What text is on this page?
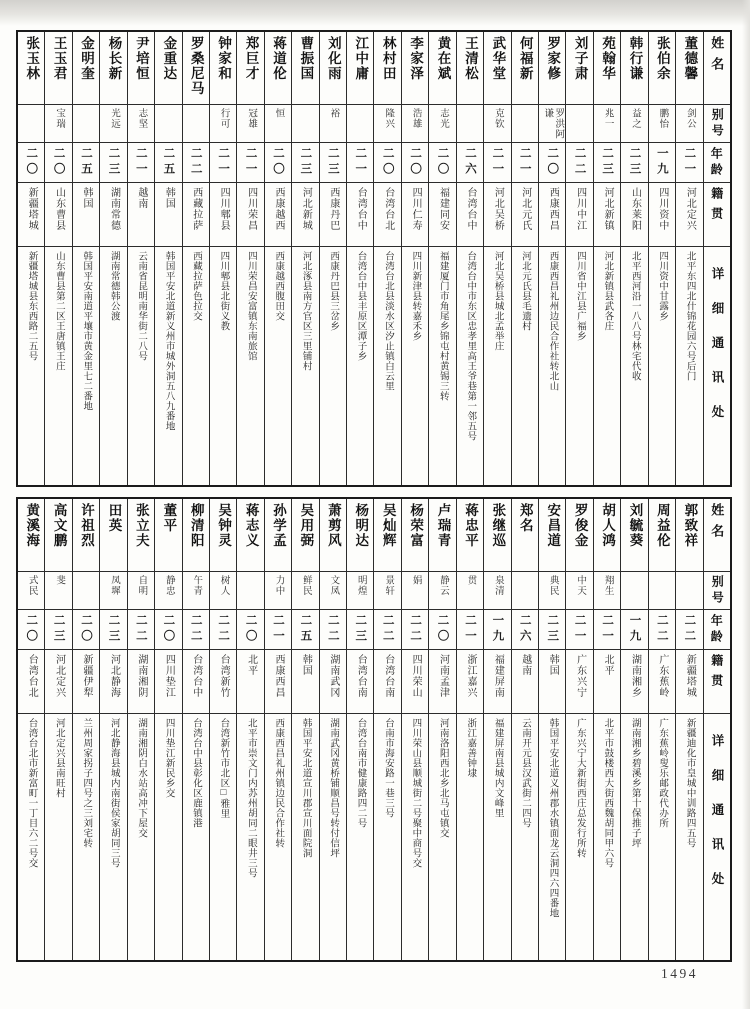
张玉林
二〇
新疆塔城
新疆塔城县东西路二五号
王玉君
宝瑞
二〇
山东曹县
山东曹县第二区王唐镇王庄
金明奎
二五
韩国
韩国平安南道平壤市黄金里七二番地
杨长新
光远
二三
湖南常德
湖南常德韩公渡
尹培恒
志坚
二一
越南
云南省昆明南华街二八号
金重达
二五
韩国
韩国平安北道新义州市城外洞五八九番地
罗桑尼马
二二
西藏拉萨
西藏拉萨色拉交
钟家和
行可
二一
四川郫县
四川郫县北街义教
郑巨才
冠雄
二一
四川荣昌
四川荣昌安富镇东南旅馆
蒋道伦
恒
二〇
西康越西
西康越西腹田交
曹振国
二三
河北新城
河北涿县南方官区三里铺村
刘化雨
裕
二三
西康丹巴
西康丹巴县三岔乡
江中庸
二一
台湾台中
台湾台中县丰原区潭子乡
林村田
隆兴
二〇
台湾台北
台湾台北县淡水区汐止镇白云里
李家泽
浩雄
二〇
四川仁寿
四川新津县转嘉禾乡
黄在斌
志光
二〇
福建同安
福建厦门市角尾乡锦屯村黄锡三转
王清松
二六
台湾台中
台湾台中市东区忠孝里高王爷巷第一邻五号
武华堂
克钦
二一
河北吴桥
河北吴桥县城北孟举庄
何福新
二一
河北元氏
河北元氏县毛遗村
罗家修
罗洪阿谦
二〇
西康西昌
西康西昌礼州边民合作社转北山
刘子肃
二二
四川中江
四川省中江县广福乡
苑翰华
兆一
二三
河北新镇
河北新镇县武各庄
韩行谦
益之
二三
山东莱阳
北平西河沿一八八号林宅代收
张伯余
鹏怡
一九
四川资中
四川资中甘露乡
董德馨
剑公
二一
河北定兴
北平东四北什锦花园六号后门
姓名
别号
年龄
籍贯
详细通讯处
黄溪海
式民
二〇
台湾台北
台湾台北市新富町一丁目六二号交
高文鹏
斐
二三
河北定兴
河北定兴县南旺村
许祖烈
二〇
新疆伊犁
兰州周家拐子四号之三刘宅转
田英
凤墀
二三
河北静海
河北静海县城内南街侯家胡同三号
张立夫
自明
二二
湖南湘阴
湖南湘阴白水站高冲下屋交
董平
静忠
二〇
四川垫江
四川垫江新民乡交
柳清阳
午青
二二
台湾台中
台湾台中县彰化区鹿镇港
吴钟灵
树人
二二
台湾新竹
台湾新竹市北区□雅里
蒋志义
二〇
北平
北平市崇文门内苏州胡同二眼井三号
孙学孟
力中
二一
西康西昌
西康西昌礼州镇边民合作社转
吴用弼
鲜民
二五
韩国
韩国平安北道宣川郡宣川面院洞
萧剪风
文凤
二二
湖南武冈
湖南武冈黄桥铺顺昌号转付信坪
杨明达
明煌
二三
台湾台南
台湾台南市健康路四二号
吴灿辉
景轩
二二
台湾台南
台南市海安路一巷三号
杨荣富
娟
二二
四川荣山
四川荣山县顺城街二号聚中商号交
卢瑞青
静云
二〇
河南孟津
河南洛阳西北乡北马屯镇交
蒋忠平
贯
二一
浙江嘉兴
浙江嘉善钟埭
张继巡
泉清
一九
福建屏南
福建屏南县城内文峰里
郑名
二六
越南
云南开元县汉武街二四号
安昌道
典民
二三
韩国
韩国平安北道义州郡水镇面龙云洞四六四番地
罗俊金
中天
二一
广东兴宁
广东兴宁大新街西庄总发行所转
胡人鸿
翔生
二一
北平
北平市鼓楼西大街西魏胡同甲六号
刘毓葵
一九
湖南湘乡
湖南湘乡碧溪乡第十保推子坪
周益伦
二二
广东蕉岭
广东蕉岭叟乐邮政代办所
郭致祥
二二
新疆塔城
新疆迪化市皇城中训路四五号
姓名
别号
年龄
籍贯
详细通讯处
1494
